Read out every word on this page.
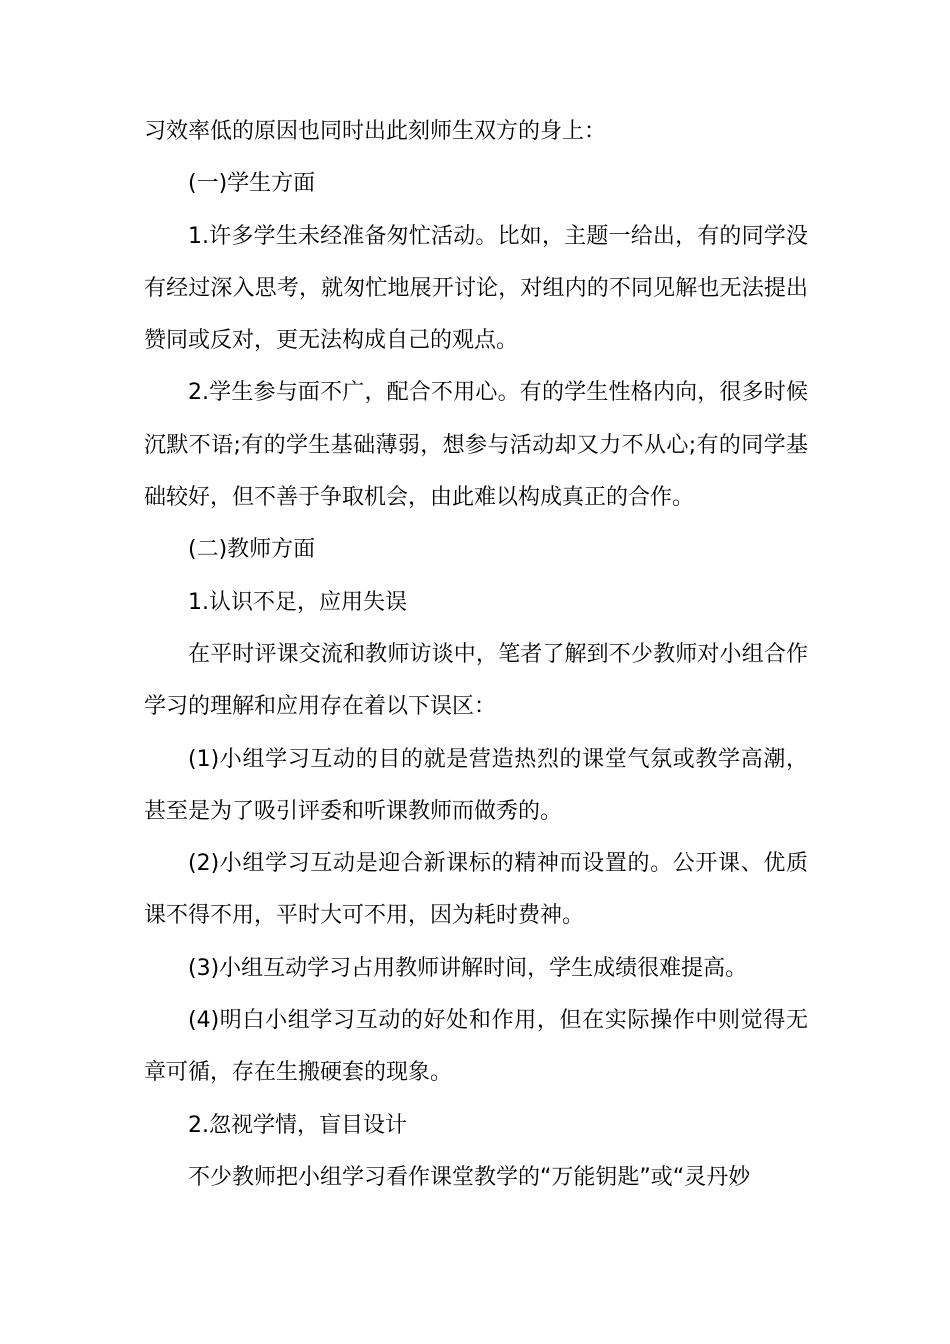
习效率低的原因也同时出此刻师生双方的身上：

(一)学生方面

1.许多学生未经准备匆忙活动。比如，主题一给出，有的同学没有经过深入思考，就匆忙地展开讨论，对组内的不同见解也无法提出赞同或反对，更无法构成自己的观点。

2.学生参与面不广，配合不用心。有的学生性格内向，很多时候沉默不语;有的学生基础薄弱，想参与活动却又力不从心;有的同学基础较好，但不善于争取机会，由此难以构成真正的合作。

(二)教师方面

1.认识不足，应用失误

在平时评课交流和教师访谈中，笔者了解到不少教师对小组合作学习的理解和应用存在着以下误区：

(1)小组学习互动的目的就是营造热烈的课堂气氛或教学高潮，甚至是为了吸引评委和听课教师而做秀的。

(2)小组学习互动是迎合新课标的精神而设置的。公开课、优质课不得不用，平时大可不用，因为耗时费神。

(3)小组互动学习占用教师讲解时间，学生成绩很难提高。

(4)明白小组学习互动的好处和作用，但在实际操作中则觉得无章可循，存在生搬硬套的现象。

2.忽视学情，盲目设计

不少教师把小组学习看作课堂教学的“万能钥匙”或“灵丹妙
